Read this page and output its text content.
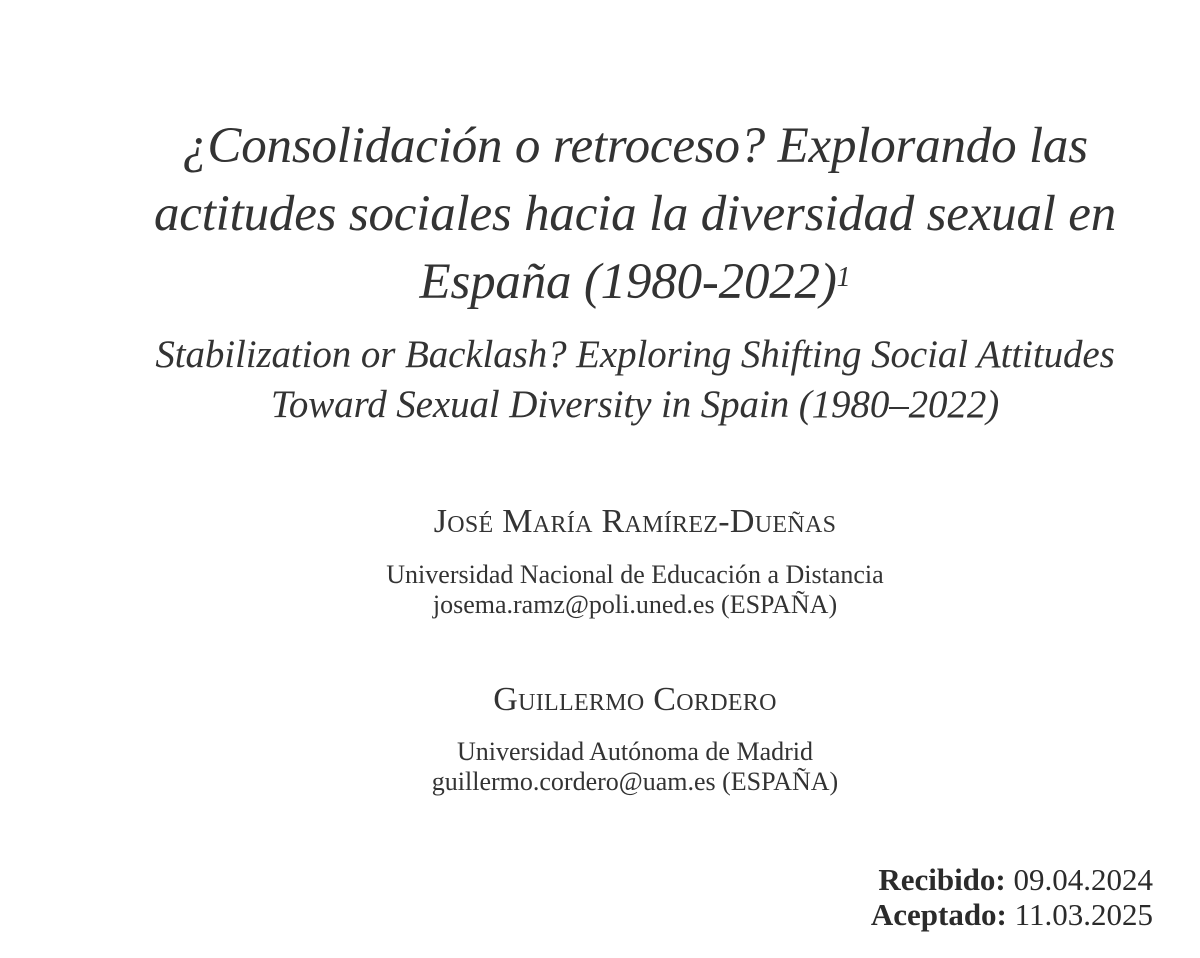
¿Consolidación o retroceso? Explorando las
actitudes sociales hacia la diversidad sexual en
España (1980-2022)$^1$
Stabilization or Backlash? Exploring Shifting Social Attitudes
Toward Sexual Diversity in Spain (1980–2022)
José María Ramírez-Dueñas
Universidad Nacional de Educación a Distancia
josema.ramz@poli.uned.es (ESPAÑA)
Guillermo Cordero
Universidad Autónoma de Madrid
guillermo.cordero@uam.es (ESPAÑA)
Recibido: 09.04.2024
Aceptado: 11.03.2025
